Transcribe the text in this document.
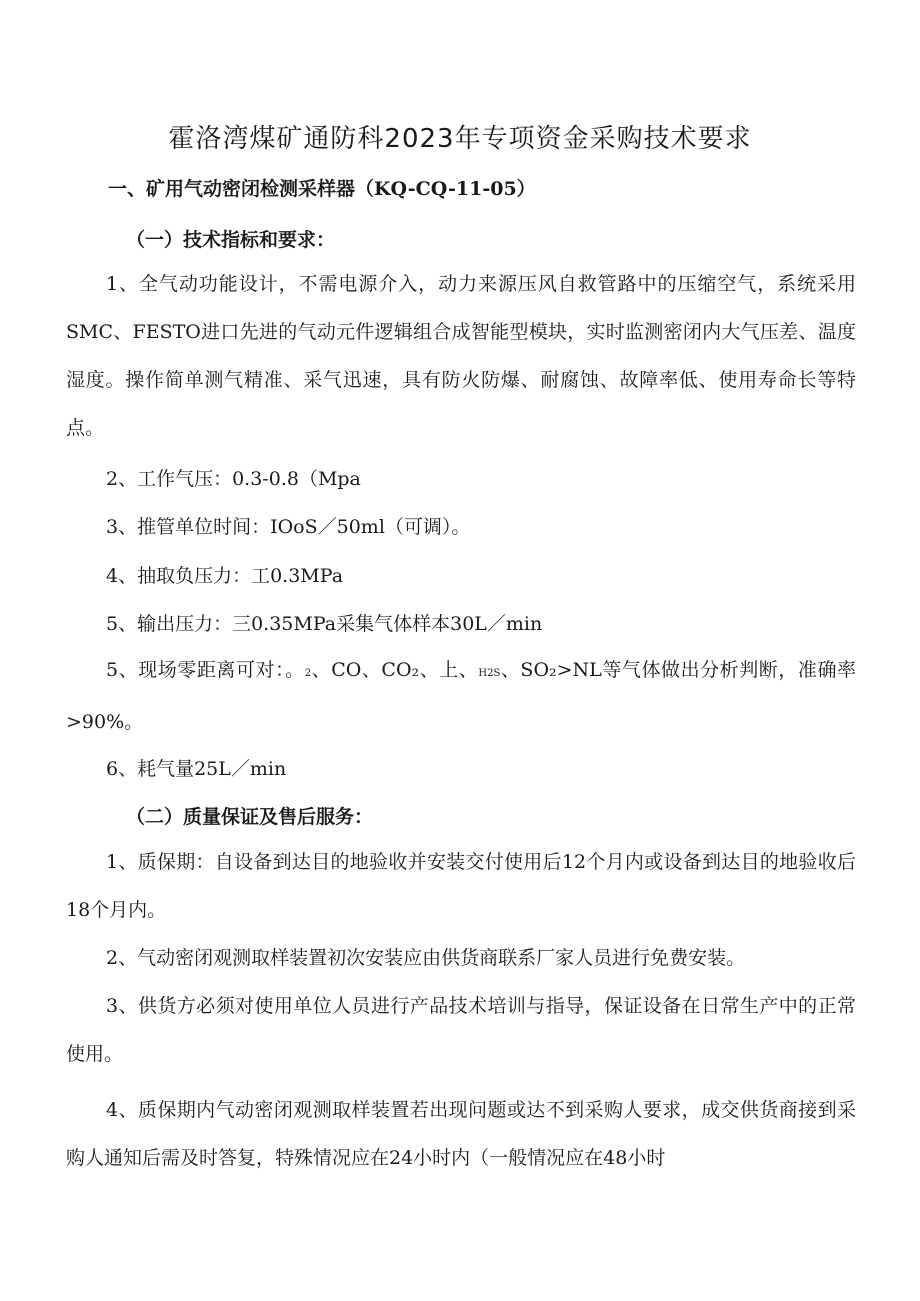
霍洛湾煤矿通防科2023年专项资金采购技术要求
一、矿用气动密闭检测采样器（KQ-CQ-11-05）
（一）技术指标和要求：

1、全气动功能设计，不需电源介入，动力来源压风自救管路中的压缩空气，系统采用SMC、FESTO进口先进的气动元件逻辑组合成智能型模块，实时监测密闭内大气压差、温度湿度。操作简单测气精准、采气迅速，具有防火防爆、耐腐蚀、故障率低、使用寿命长等特点。

2、工作气压：0.3-0.8（Mpa

3、推管单位时间：IOoS／50ml（可调）。

4、抽取负压力：工0.3MPa

5、输出压力：三0.35MPa采集气体样本30L／min

5、现场零距离可对：。2、CO、CO₂、上、H2S、SO₂>NL等气体做出分析判断，准确率>90%。

6、耗气量25L／min

（二）质量保证及售后服务：

1、质保期：自设备到达目的地验收并安装交付使用后12个月内或设备到达目的地验收后18个月内。

2、气动密闭观测取样装置初次安装应由供货商联系厂家人员进行免费安装。

3、供货方必须对使用单位人员进行产品技术培训与指导，保证设备在日常生产中的正常使用。

4、质保期内气动密闭观测取样装置若出现问题或达不到采购人要求，成交供货商接到采购人通知后需及时答复，特殊情况应在24小时内（一般情况应在48小时
